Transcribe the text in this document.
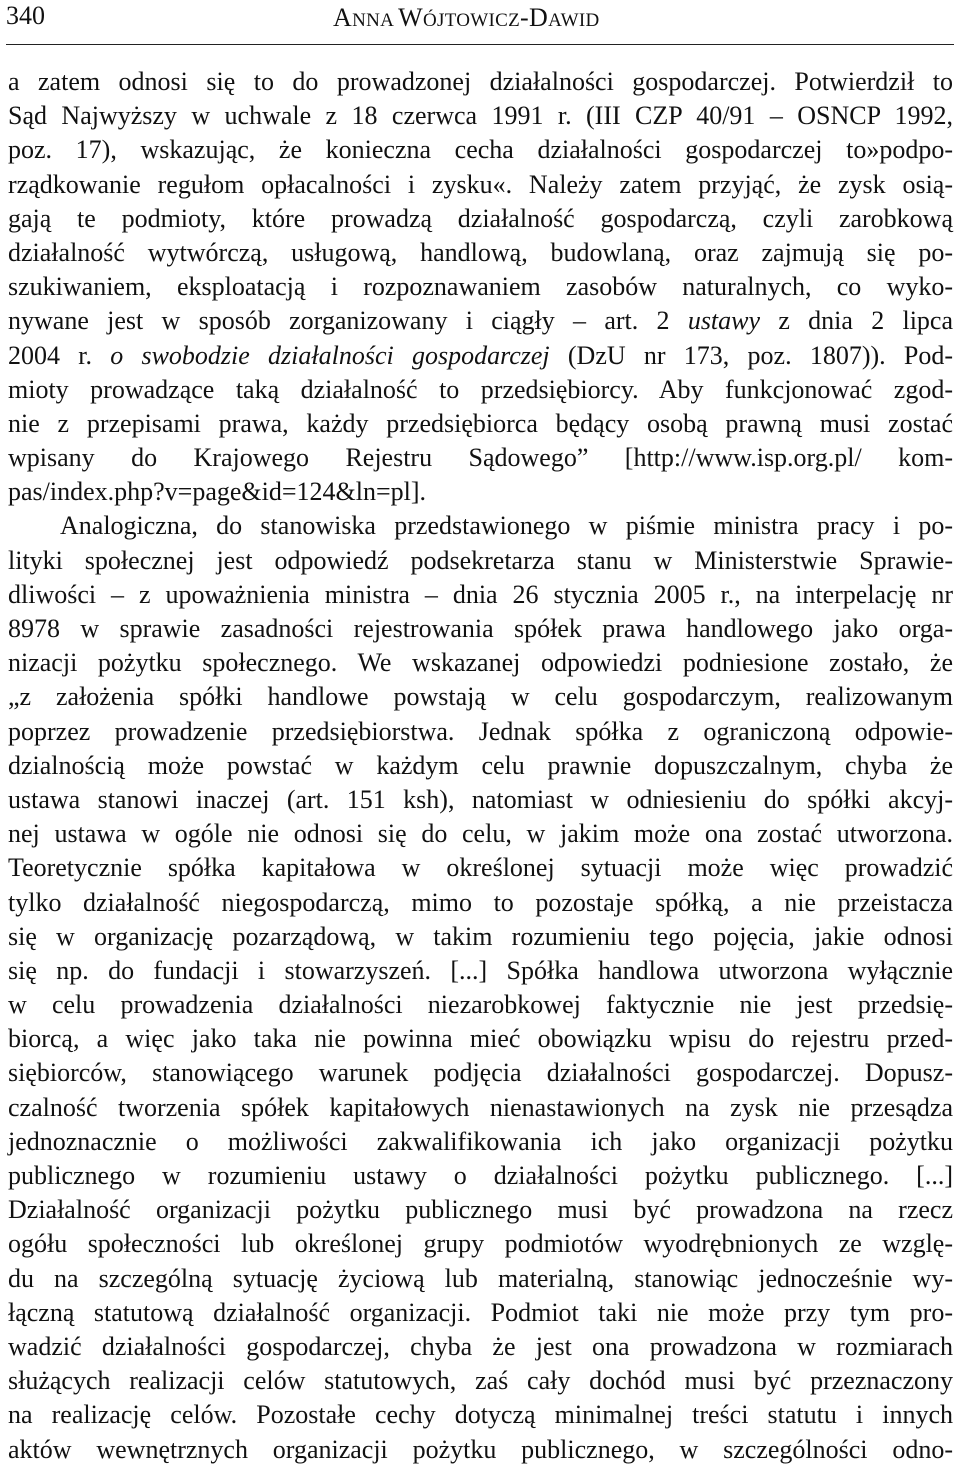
340	ANNA WÓJTOWICZ-DAWID
a zatem odnosi się to do prowadzonej działalności gospodarczej. Potwierdził to
Sąd Najwyższy w uchwale z 18 czerwca 1991 r. (III CZP 40/91 – OSNCP 1992,
poz. 17), wskazując, że konieczna cecha działalności gospodarczej to»podpo-
rządkowanie regułom opłacalności i zysku«. Należy zatem przyjąć, że zysk osią-
gają te podmioty, które prowadzą działalność gospodarczą, czyli zarobkową
działalność wytwórczą, usługową, handlową, budowlaną, oraz zajmują się po-
szukiwaniem, eksploatacją i rozpoznawaniem zasobów naturalnych, co wyko-
nywane jest w sposób zorganizowany i ciągły – art. 2 ustawy z dnia 2 lipca
2004 r. o swobodzie działalności gospodarczej (DzU nr 173, poz. 1807)). Pod-
mioty prowadzące taką działalność to przedsiębiorcy. Aby funkcjonować zgod-
nie z przepisami prawa, każdy przedsiębiorca będący osobą prawną musi zostać
wpisany do Krajowego Rejestru Sądowego” [http://www.isp.org.pl/ kom-
pas/index.php?v=page&id=124&ln=pl].
Analogiczna, do stanowiska przedstawionego w piśmie ministra pracy i po-
lityki społecznej jest odpowiedź podsekretarza stanu w Ministerstwie Sprawie-
dliwości – z upoważnienia ministra – dnia 26 stycznia 2005 r., na interpelację nr
8978 w sprawie zasadności rejestrowania spółek prawa handlowego jako orga-
nizacji pożytku społecznego. We wskazanej odpowiedzi podniesione zostało, że
„z założenia spółki handlowe powstają w celu gospodarczym, realizowanym
poprzez prowadzenie przedsiębiorstwa. Jednak spółka z ograniczoną odpowie-
dzialnością może powstać w każdym celu prawnie dopuszczalnym, chyba że
ustawa stanowi inaczej (art. 151 ksh), natomiast w odniesieniu do spółki akcyj-
nej ustawa w ogóle nie odnosi się do celu, w jakim może ona zostać utworzona.
Teoretycznie spółka kapitałowa w określonej sytuacji może więc prowadzić
tylko działalność niegospodarczą, mimo to pozostaje spółką, a nie przeistacza
się w organizację pozarządową, w takim rozumieniu tego pojęcia, jakie odnosi
się np. do fundacji i stowarzyszeń. [...] Spółka handlowa utworzona wyłącznie
w celu prowadzenia działalności niezarobkowej faktycznie nie jest przedsię-
biorcą, a więc jako taka nie powinna mieć obowiązku wpisu do rejestru przed-
siębiorców, stanowiącego warunek podjęcia działalności gospodarczej. Dopusz-
czalność tworzenia spółek kapitałowych nienastawionych na zysk nie przesądza
jednoznacznie o możliwości zakwalifikowania ich jako organizacji pożytku
publicznego w rozumieniu ustawy o działalności pożytku publicznego. [...]
Działalność organizacji pożytku publicznego musi być prowadzona na rzecz
ogółu społeczności lub określonej grupy podmiotów wyodrębnionych ze wzglę-
du na szczególną sytuację życiową lub materialną, stanowiąc jednocześnie wy-
łączną statutową działalność organizacji. Podmiot taki nie może przy tym pro-
wadzić działalności gospodarczej, chyba że jest ona prowadzona w rozmiarach
służących realizacji celów statutowych, zaś cały dochód musi być przeznaczony
na realizację celów. Pozostałe cechy dotyczą minimalnej treści statutu i innych
aktów wewnętrznych organizacji pożytku publicznego, w szczególności odno-
